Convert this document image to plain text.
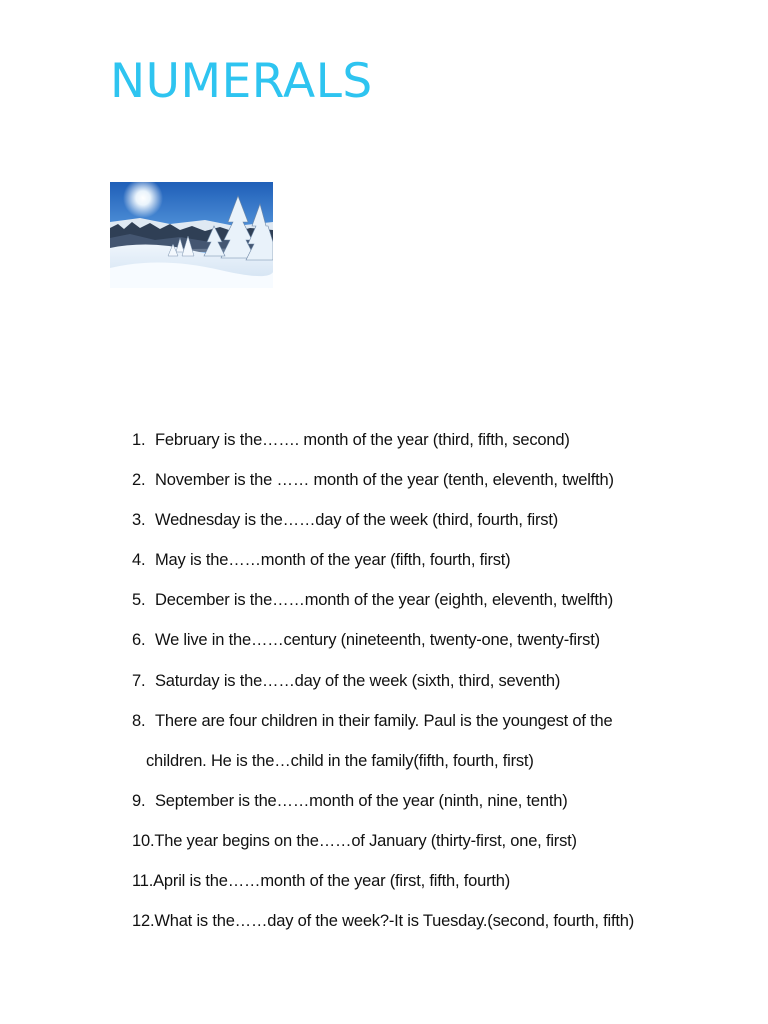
NUMERALS
1. February is the……. month of the year (third, fifth, second)
2. November is the …… month of the year (tenth, eleventh, twelfth)
3. Wednesday is the……day of the week (third, fourth, first)
4. May is the……month of the year (fifth, fourth, first)
5. December is the……month of the year (eighth, eleventh, twelfth)
6. We live in the……century (nineteenth, twenty-one, twenty-first)
7. Saturday is the……day of the week (sixth, third, seventh)
8. There are four children in their family. Paul is the youngest of the
children. He is the…child in the family(fifth, fourth, first)
9. September is the……month of the year (ninth, nine, tenth)
10.The year begins on the……of January (thirty-first, one, first)
11.April is the……month of the year (first, fifth, fourth)
12.What is the……day of the week?-It is Tuesday.(second, fourth, fifth)
